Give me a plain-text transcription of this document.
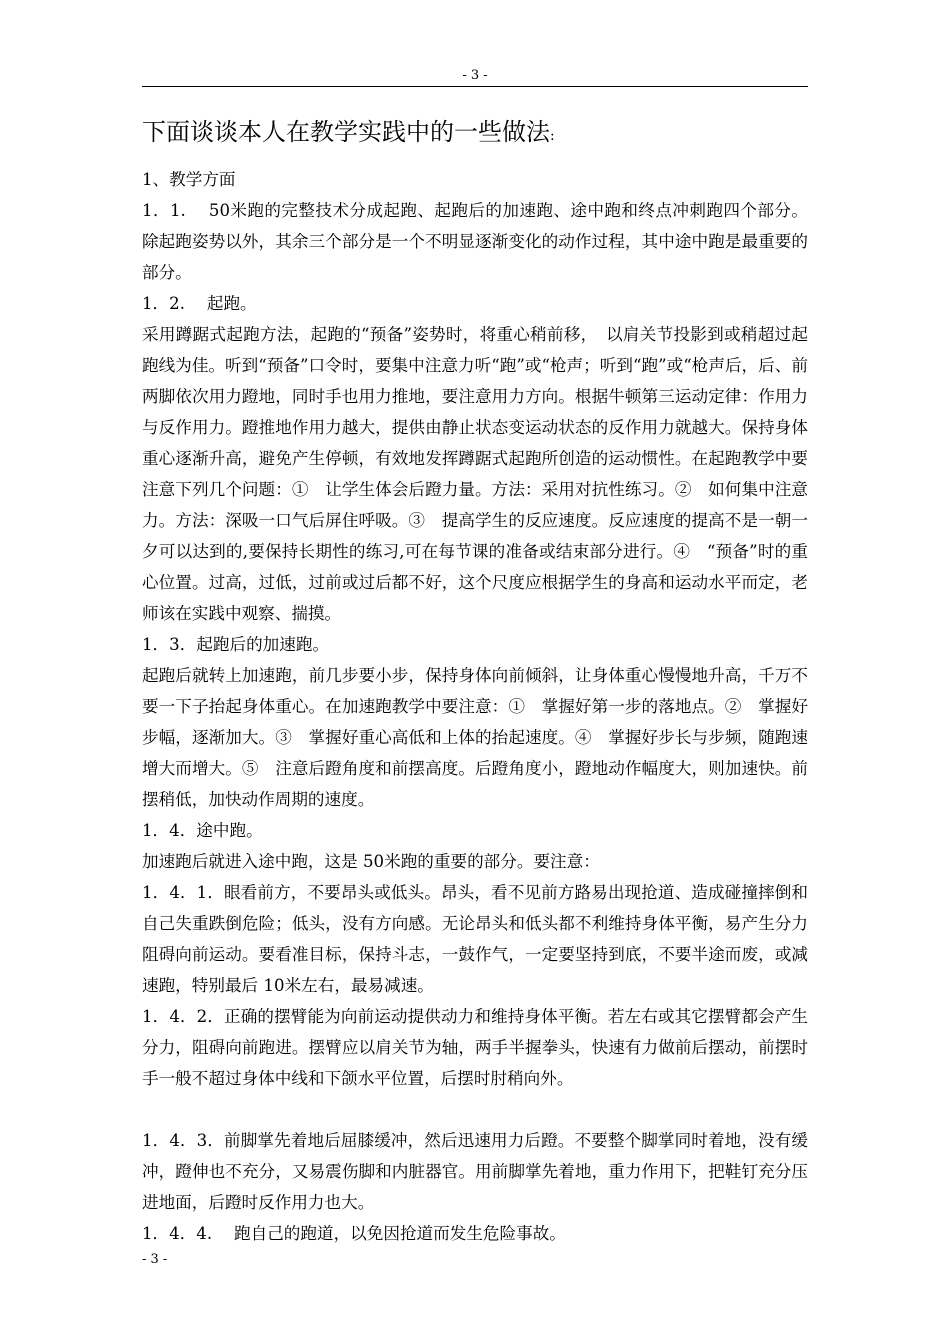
- 3 -
下面谈谈本人在教学实践中的一些做法:

1、教学方面

1．1.　 50米跑的完整技术分成起跑、起跑后的加速跑、途中跑和终点冲刺跑四个部分。除起跑姿势以外，其余三个部分是一个不明显逐渐变化的动作过程，其中途中跑是最重要的部分。

1．2.　 起跑。

采用蹲踞式起跑方法，起跑的“预备”姿势时，将重心稍前移，　以肩关节投影到或稍超过起跑线为佳。听到“预备”口令时，要集中注意力听“跑”或“枪声；听到“跑”或“枪声后，后、前两脚依次用力蹬地，同时手也用力推地，要注意用力方向。根据牛顿第三运动定律：作用力与反作用力。蹬推地作用力越大，提供由静止状态变运动状态的反作用力就越大。保持身体重心逐渐升高，避免产生停顿，有效地发挥蹲踞式起跑所创造的运动惯性。在起跑教学中要注意下列几个问题：①　让学生体会后蹬力量。方法：采用对抗性练习。②　如何集中注意力。方法：深吸一口气后屏住呼吸。③　提高学生的反应速度。反应速度的提高不是一朝一夕可以达到的,要保持长期性的练习,可在每节课的准备或结束部分进行。④　“预备”时的重心位置。过高，过低，过前或过后都不好，这个尺度应根据学生的身高和运动水平而定，老师该在实践中观察、揣摸。

1．3．起跑后的加速跑。

起跑后就转上加速跑，前几步要小步，保持身体向前倾斜，让身体重心慢慢地升高，千万不要一下子抬起身体重心。在加速跑教学中要注意：①　掌握好第一步的落地点。②　掌握好步幅，逐渐加大。③　掌握好重心高低和上体的抬起速度。④　掌握好步长与步频，随跑速增大而增大。⑤　注意后蹬角度和前摆高度。后蹬角度小，蹬地动作幅度大，则加速快。前摆稍低，加快动作周期的速度。

1．4．途中跑。

加速跑后就进入途中跑，这是 50米跑的重要的部分。要注意：

1．4．1．眼看前方，不要昂头或低头。昂头，看不见前方路易出现抢道、造成碰撞摔倒和自己失重跌倒危险；低头，没有方向感。无论昂头和低头都不利维持身体平衡，易产生分力阻碍向前运动。要看准目标，保持斗志，一鼓作气，一定要坚持到底，不要半途而废，或减速跑，特别最后 10米左右，最易减速。

1．4．2．正确的摆臂能为向前运动提供动力和维持身体平衡。若左右或其它摆臂都会产生分力，阻碍向前跑进。摆臂应以肩关节为轴，两手半握拳头，快速有力做前后摆动，前摆时手一般不超过身体中线和下颌水平位置，后摆时肘稍向外。

1．4．3．前脚掌先着地后屈膝缓冲，然后迅速用力后蹬。不要整个脚掌同时着地，没有缓冲，蹬伸也不充分，又易震伤脚和内脏器官。用前脚掌先着地，重力作用下，把鞋钉充分压进地面，后蹬时反作用力也大。

1．4．4.　 跑自己的跑道，以免因抢道而发生危险事故。

- 3 -
